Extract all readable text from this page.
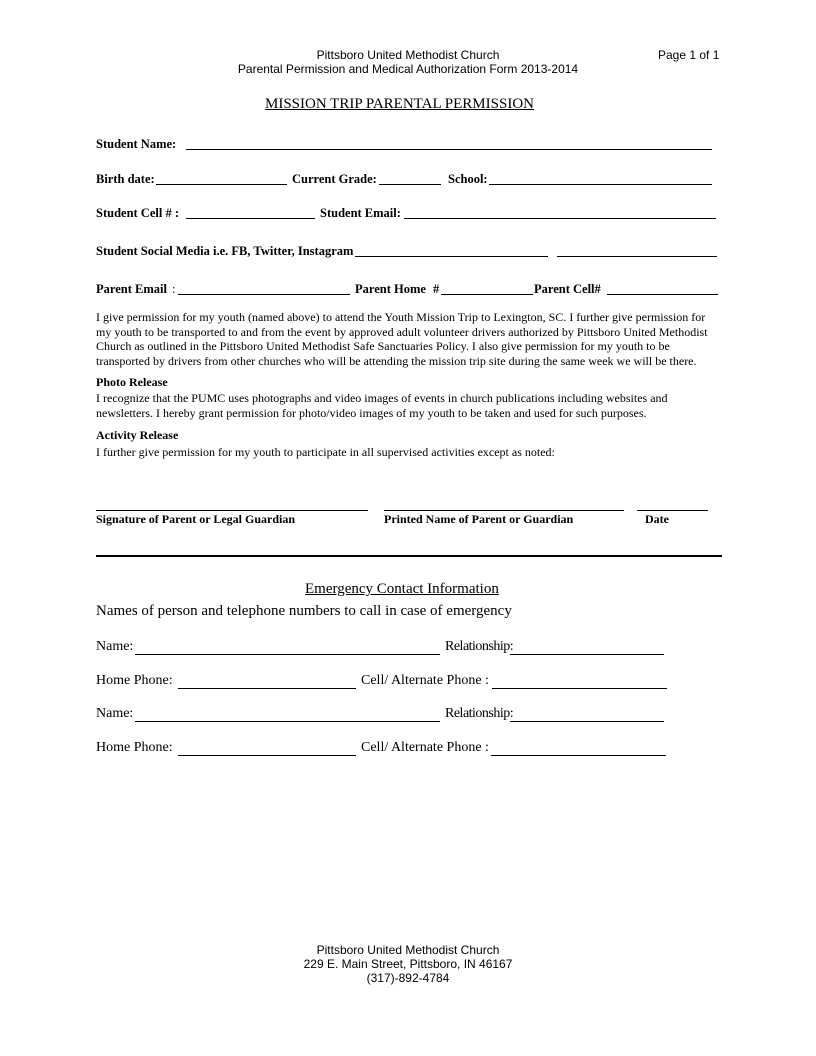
Pittsboro United Methodist Church
Parental Permission and Medical Authorization Form 2013-2014
Page 1 of 1
MISSION TRIP PARENTAL PERMISSION
Student Name:
Birth date:	Current Grade:	School:
Student Cell # :	Student Email:
Student Social Media i.e. FB, Twitter, Instagram
Parent Email :	Parent Home #	Parent Cell#
I give permission for my youth (named above) to attend the Youth Mission Trip to Lexington, SC. I further give permission for my youth to be transported to and from the event by approved adult volunteer drivers authorized by Pittsboro United Methodist Church as outlined in the Pittsboro United Methodist Safe Sanctuaries Policy. I also give permission for my youth to be transported by drivers from other churches who will be attending the mission trip site during the same week we will be there.
Photo Release
I recognize that the PUMC uses photographs and video images of events in church publications including websites and newsletters. I hereby grant permission for photo/video images of my youth to be taken and used for such purposes.
Activity Release
I further give permission for my youth to participate in all supervised activities except as noted:
Signature of Parent or Legal Guardian	Printed Name of Parent or Guardian	Date
Emergency Contact Information
Names of person and telephone numbers to call in case of emergency
Name:	Relationship:
Home Phone:	Cell/ Alternate Phone :
Name:	Relationship:
Home Phone:	Cell/ Alternate Phone :
Pittsboro United Methodist Church
229 E. Main Street, Pittsboro, IN 46167
(317)-892-4784
